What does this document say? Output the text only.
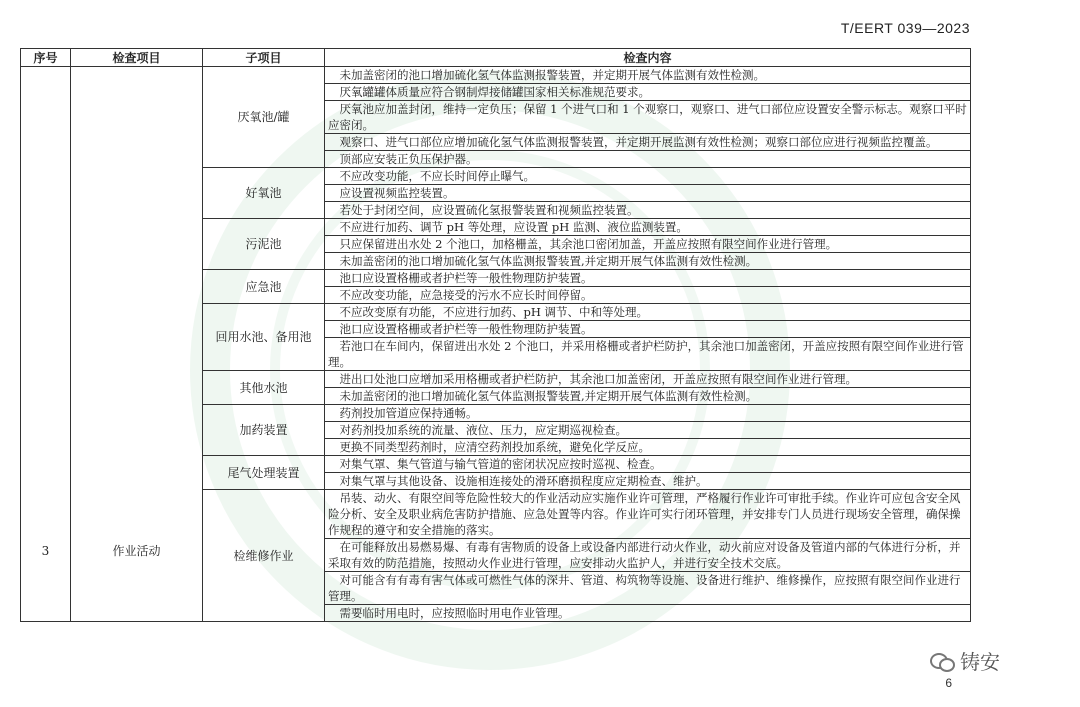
T/EERT 039—2023
序号	检查项目	子项目	检查内容

3	作业活动	厌氧池/罐	未加盖密闭的池口增加硫化氢气体监测报警装置，并定期开展气体监测有效性检测。
			厌氧罐罐体质量应符合钢制焊接储罐国家相关标准规范要求。
			厌氧池应加盖封闭，维持一定负压；保留 1 个进气口和 1 个观察口，观察口、进气口部位应设置安全警示标志。观察口平时应密闭。
			观察口、进气口部位应增加硫化氢气体监测报警装置，并定期开展监测有效性检测；观察口部位应进行视频监控覆盖。
			顶部应安装正负压保护器。
		好氧池	不应改变功能，不应长时间停止曝气。
			应设置视频监控装置。
			若处于封闭空间，应设置硫化氢报警装置和视频监控装置。
		污泥池	不应进行加药、调节 pH 等处理，应设置 pH 监测、液位监测装置。
			只应保留进出水处 2 个池口，加格栅盖，其余池口密闭加盖，开盖应按照有限空间作业进行管理。
			未加盖密闭的池口增加硫化氢气体监测报警装置,并定期开展气体监测有效性检测。
		应急池	池口应设置格栅或者护栏等一般性物理防护装置。
			不应改变功能，应急接受的污水不应长时间停留。
		回用水池、备用池	不应改变原有功能，不应进行加药、pH 调节、中和等处理。
			池口应设置格栅或者护栏等一般性物理防护装置。
			若池口在车间内，保留进出水处 2 个池口，并采用格栅或者护栏防护，其余池口加盖密闭，开盖应按照有限空间作业进行管理。
		其他水池	进出口处池口应增加采用格栅或者护栏防护，其余池口加盖密闭，开盖应按照有限空间作业进行管理。
			未加盖密闭的池口增加硫化氢气体监测报警装置,并定期开展气体监测有效性检测。
		加药装置	药剂投加管道应保持通畅。
			对药剂投加系统的流量、液位、压力，应定期巡视检查。
			更换不同类型药剂时，应清空药剂投加系统，避免化学反应。
		尾气处理装置	对集气罩、集气管道与输气管道的密闭状况应按时巡视、检查。
			对集气罩与其他设备、设施相连接处的滑环磨损程度应定期检查、维护。
		检维修作业	吊装、动火、有限空间等危险性较大的作业活动应实施作业许可管理，严格履行作业许可审批手续。作业许可应包含安全风险分析、安全及职业病危害防护措施、应急处置等内容。作业许可实行闭环管理，并安排专门人员进行现场安全管理，确保操作规程的遵守和安全措施的落实。
			在可能释放出易燃易爆、有毒有害物质的设备上或设备内部进行动火作业，动火前应对设备及管道内部的气体进行分析，并采取有效的防范措施，按照动火作业进行管理，应安排动火监护人，并进行安全技术交底。
			对可能含有有毒有害气体或可燃性气体的深井、管道、构筑物等设施、设备进行维护、维修操作，应按照有限空间作业进行管理。
			需要临时用电时，应按照临时用电作业管理。
6
铸安
